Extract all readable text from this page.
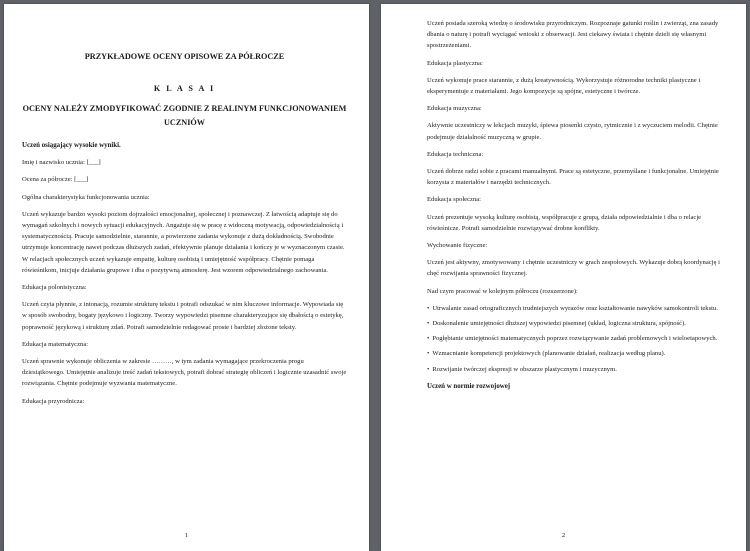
PRZYKŁADOWE OCENY OPISOWE ZA PÓŁROCZE
K L A S A I
OCENY NALEŻY ZMODYFIKOWAĆ ZGODNIE Z REALINYM FUNKCJONOWANIEM UCZNIÓW

Uczeń osiągający wysokie wyniki.

Imię i nazwisko ucznia: [___]

Ocena za półrocze: [___]

Ogólna charakterystyka funkcjonowania ucznia:

Uczeń wykazuje bardzo wysoki poziom dojrzałości emocjonalnej, społecznej i poznawczej. Z łatwością adaptuje się do wymagań szkolnych i nowych sytuacji edukacyjnych. Angażuje się w pracę z widoczną motywacją, odpowiedzialnością i systematycznością. Pracuje samodzielnie, starannie, a powierzone zadania wykonuje z dużą dokładnością. Swobodnie utrzymuje koncentrację nawet podczas dłuższych zadań, efektywnie planuje działania i kończy je w wyznaczonym czasie.

W relacjach społecznych uczeń wykazuje empatię, kulturę osobistą i umiejętność współpracy. Chętnie pomaga rówieśnikom, inicjuje działania grupowe i dba o pozytywną atmosferę. Jest wzorem odpowiedzialnego zachowania.

Edukacja polonistyczna:

Uczeń czyta płynnie, z intonacją, rozumie strukturę tekstu i potrafi odszukać w nim kluczowe informacje. Wypowiada się w sposób swobodny, bogaty językowo i logiczny. Tworzy wypowiedzi pisemne charakteryzujące się dbałością o estetykę, poprawność językową i strukturę zdań. Potrafi samodzielnie redagować proste i bardziej złożone teksty.

Edukacja matematyczna:

Uczeń sprawnie wykonuje obliczenia w zakresie ………, w tym zadania wymagające przekroczenia progu dziesiątkowego. Umiejętnie analizuje treść zadań tekstowych, potrafi dobrać strategię obliczeń i logicznie uzasadnić swoje rozwiązania. Chętnie podejmuje wyzwania matematyczne.

Edukacja przyrodnicza:

1

Uczeń posiada szeroką wiedzę o środowisku przyrodniczym. Rozpoznaje gatunki roślin i zwierząt, zna zasady dbania o naturę i potrafi wyciągać wnioski z obserwacji. Jest ciekawy świata i chętnie dzieli się własnymi spostrzeżeniami.

Edukacja plastyczna:

Uczeń wykonuje prace starannie, z dużą kreatywnością. Wykorzystuje różnorodne techniki plastyczne i eksperymentuje z materiałami. Jego kompozycje są spójne, estetyczne i twórcze.

Edukacja muzyczna:

Aktywnie uczestniczy w lekcjach muzyki, śpiewa piosenki czysto, rytmicznie i z wyczuciem melodii. Chętnie podejmuje działalność muzyczną w grupie.

Edukacja techniczna:

Uczeń dobrze radzi sobie z pracami manualnymi. Prace są estetyczne, przemyślane i funkcjonalne. Umiejętnie korzysta z materiałów i narzędzi technicznych.

Edukacja społeczna:

Uczeń prezentuje wysoką kulturę osobistą, współpracuje z grupą, działa odpowiedzialnie i dba o relacje rówieśnicze. Potrafi samodzielnie rozwiązywać drobne konflikty.

Wychowanie fizyczne:

Uczeń jest aktywny, zmotywowany i chętnie uczestniczy w grach zespołowych. Wykazuje dobrą koordynację i chęć rozwijania sprawności fizycznej.

Nad czym pracować w kolejnym półroczu (rozszerzone):

• Utrwalanie zasad ortograficznych trudniejszych wyrazów oraz kształtowanie nawyków samokontroli tekstu.
• Doskonalenie umiejętności dłuższej wypowiedzi pisemnej (układ, logiczna struktura, spójność).
• Pogłębianie umiejętności matematycznych poprzez rozwiązywanie zadań problemowych i wieloetapowych.
• Wzmacnianie kompetencji projektowych (planowanie działań, realizacja według planu).
• Rozwijanie twórczej ekspresji w obszarze plastycznym i muzycznym.

Uczeń w normie rozwojowej

2
